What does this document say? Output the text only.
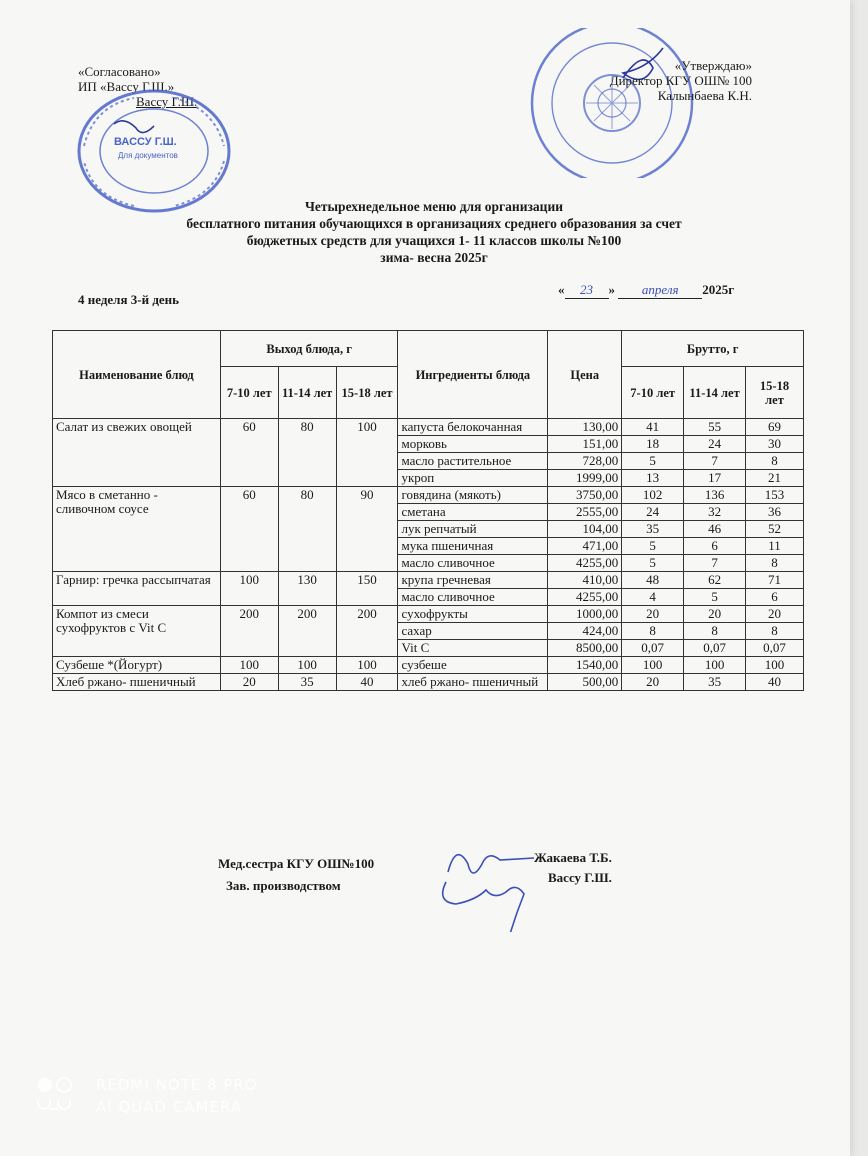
«Согласовано»
ИП «Вассу Г.Ш.»
Вассу Г.Ш.
ВАССУ Г.Ш.
Для документов
«Утверждаю»
Директор КГУ ОШ№ 100
Калынбаева К.Н.
Четырехнедельное меню для организации
бесплатного питания обучающихся в организациях среднего образования за счет
бюджетных средств для учащихся 1- 11 классов школы №100
зима- весна 2025г
4 неделя 3-й день
« 23 » апреля 2025г
Наименование блюд	Выход блюда, г			Ингредиенты блюда	Цена	Брутто, г		
	7-10 лет	11-14 лет	15-18 лет			7-10 лет	11-14 лет	15-18 лет
Салат из свежих овощей	60	80	100	капуста белокочанная	130,00	41	55	69
				морковь	151,00	18	24	30
				масло растительное	728,00	5	7	8
				укроп	1999,00	13	17	21
Мясо в сметанно - сливочном соусе	60	80	90	говядина (мякоть)	3750,00	102	136	153
				сметана	2555,00	24	32	36
				лук репчатый	104,00	35	46	52
				мука пшеничная	471,00	5	6	11
				масло сливочное	4255,00	5	7	8
Гарнир: гречка рассыпчатая	100	130	150	крупа гречневая	410,00	48	62	71
				масло сливочное	4255,00	4	5	6
Компот из смеси сухофруктов с Vit C	200	200	200	сухофрукты	1000,00	20	20	20
				сахар	424,00	8	8	8
				Vit C	8500,00	0,07	0,07	0,07
Сузбеше *(Йогурт)	100	100	100	сузбеше	1540,00	100	100	100
Хлеб ржано- пшеничный	20	35	40	хлеб ржано- пшеничный	500,00	20	35	40
Мед.сестра КГУ ОШ№100
Зав. производством
Жакаева Т.Б.
Вассу Г.Ш.
REDMI NOTE 8 PRO
AI QUAD CAMERA
